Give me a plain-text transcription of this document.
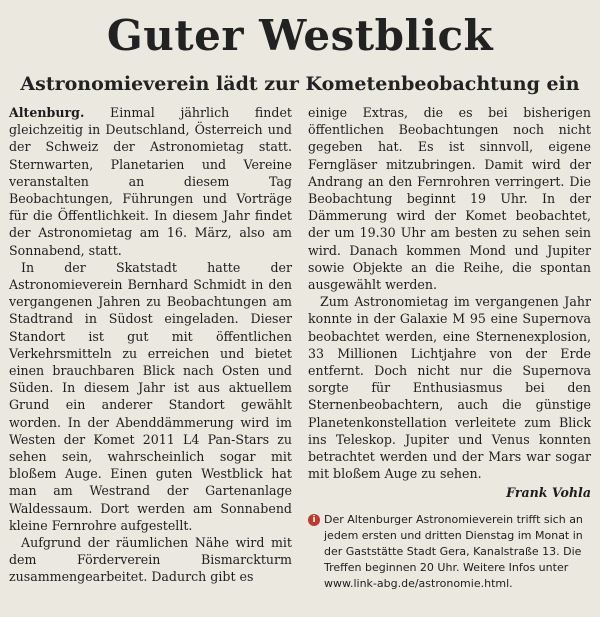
Guter Westblick
Astronomieverein lädt zur Kometenbeobachtung ein

Altenburg. Einmal jährlich findet gleichzeitig in Deutschland, Österreich und der Schweiz der Astronomietag statt. Sternwarten, Planetarien und Vereine veranstalten an diesem Tag Beobachtungen, Führungen und Vorträge für die Öffentlichkeit. In diesem Jahr findet der Astronomietag am 16. März, also am Sonnabend, statt.

In der Skatstadt hatte der Astronomieverein Bernhard Schmidt in den vergangenen Jahren zu Beobachtungen am Stadtrand in Südost eingeladen. Dieser Standort ist gut mit öffentlichen Verkehrsmitteln zu erreichen und bietet einen brauchbaren Blick nach Osten und Süden. In diesem Jahr ist aus aktuellem Grund ein anderer Standort gewählt worden. In der Abenddämmerung wird im Westen der Komet 2011 L4 Pan-Stars zu sehen sein, wahrscheinlich sogar mit bloßem Auge. Einen guten Westblick hat man am Westrand der Gartenanlage Waldessaum. Dort werden am Sonnabend kleine Fernrohre aufgestellt.

Aufgrund der räumlichen Nähe wird mit dem Förderverein Bismarckturm zusammengearbeitet. Dadurch gibt es

einige Extras, die es bei bisherigen öffentlichen Beobachtungen noch nicht gegeben hat. Es ist sinnvoll, eigene Ferngläser mitzubringen. Damit wird der Andrang an den Fernrohren verringert. Die Beobachtung beginnt 19 Uhr. In der Dämmerung wird der Komet beobachtet, der um 19.30 Uhr am besten zu sehen sein wird. Danach kommen Mond und Jupiter sowie Objekte an die Reihe, die spontan ausgewählt werden.

Zum Astronomietag im vergangenen Jahr konnte in der Galaxie M 95 eine Supernova beobachtet werden, eine Sternenexplosion, 33 Millionen Lichtjahre von der Erde entfernt. Doch nicht nur die Supernova sorgte für Enthusiasmus bei den Sternenbeobachtern, auch die günstige Planetenkonstellation verleitete zum Blick ins Teleskop. Jupiter und Venus konnten betrachtet werden und der Mars war sogar mit bloßem Auge zu sehen.

Frank Vohla
i Der Altenburger Astronomieverein trifft sich an jedem ersten und dritten Dienstag im Monat in der Gaststätte Stadt Gera, Kanalstraße 13. Die Treffen beginnen 20 Uhr. Weitere Infos unter www.link-abg.de/astronomie.html.
